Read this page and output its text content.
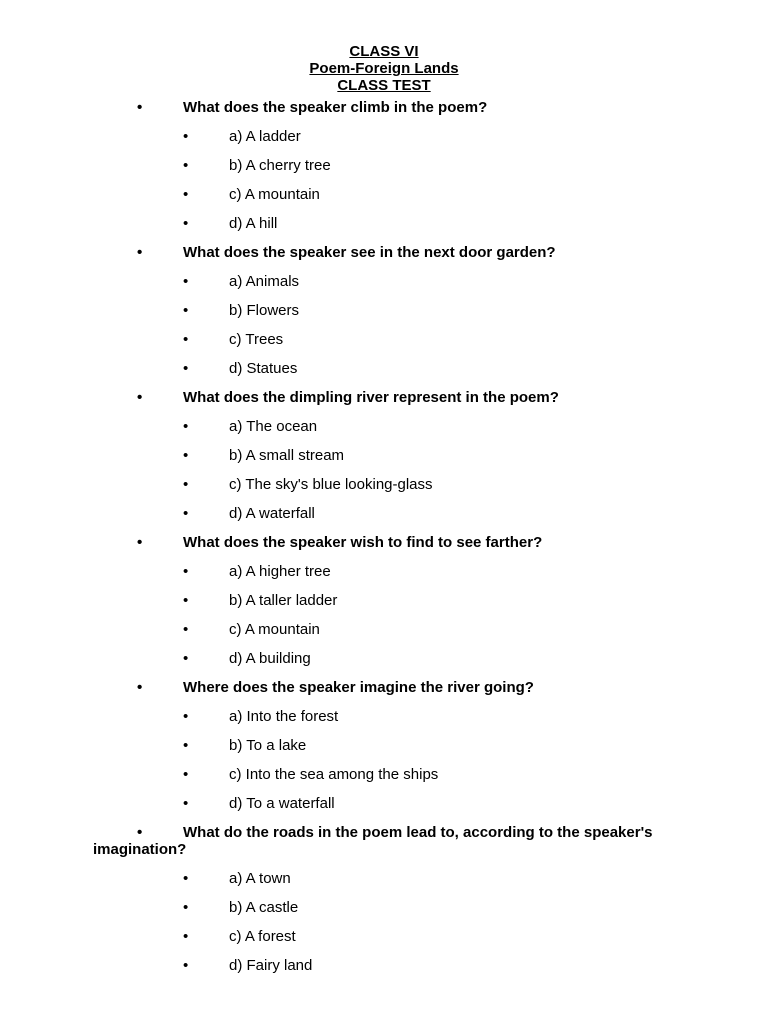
CLASS VI
Poem-Foreign Lands
CLASS TEST
•	What does the speaker climb in the poem?
•	a) A ladder
•	b) A cherry tree
•	c) A mountain
•	d) A hill
•	What does the speaker see in the next door garden?
•	a) Animals
•	b) Flowers
•	c) Trees
•	d) Statues
•	What does the dimpling river represent in the poem?
•	a) The ocean
•	b) A small stream
•	c) The sky's blue looking-glass
•	d) A waterfall
•	What does the speaker wish to find to see farther?
•	a) A higher tree
•	b) A taller ladder
•	c) A mountain
•	d) A building
•	Where does the speaker imagine the river going?
•	a) Into the forest
•	b) To a lake
•	c) Into the sea among the ships
•	d) To a waterfall
•	What do the roads in the poem lead to, according to the speaker's imagination?
•	a) A town
•	b) A castle
•	c) A forest
•	d) Fairy land
